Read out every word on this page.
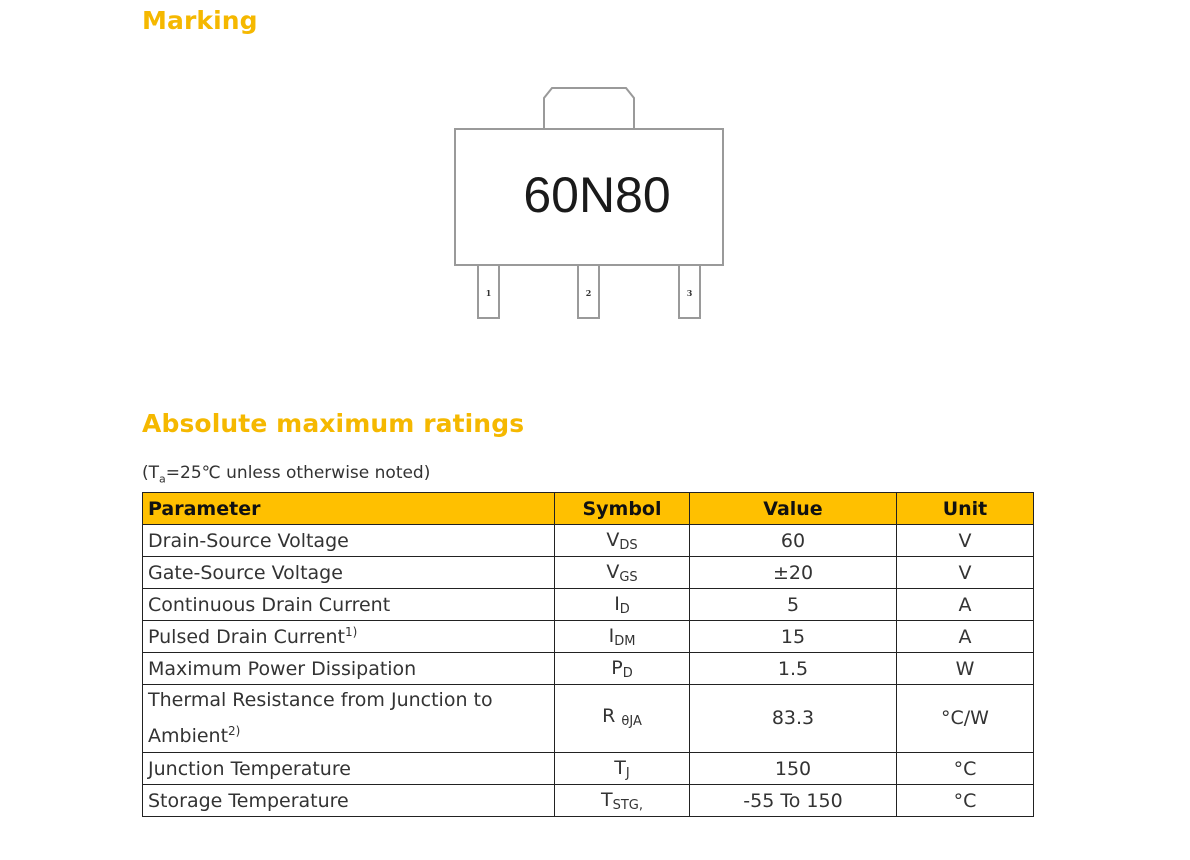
Marking
60N80
1	2	3
Absolute maximum ratings
($T_a=25℃$ unless otherwise noted)
Parameter	Symbol	Value	Unit
Drain-Source Voltage	$V_{DS}$	60	V
Gate-Source Voltage	$V_{GS}$	±20	V
Continuous Drain Current	$I_D$	5	A
Pulsed Drain Current$^{1)}$	$I_{DM}$	15	A
Maximum Power Dissipation	$P_D$	1.5	W
Thermal Resistance from Junction to Ambient$^{2)}$	R $_{\theta JA}$	83.3	°C/W
Junction Temperature	$T_J$	150	°C
Storage Temperature	$T_{STG,}$	-55 To 150	°C
